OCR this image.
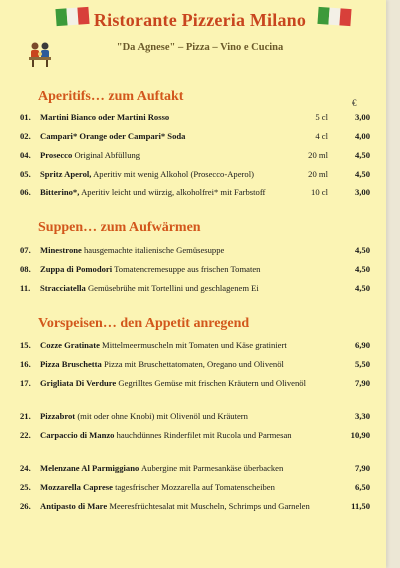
Ristorante Pizzeria Milano
"Da Agnese" – Pizza – Vino e Cucina
€
Aperitifs… zum Auftakt
01. Martini Bianco oder Martini Rosso	5 cl	3,00
02. Campari* Orange oder Campari* Soda	4 cl	4,00
04. Prosecco Original Abfüllung	20 ml	4,50
05. Spritz Aperol, Aperitiv mit wenig Alkohol (Prosecco-Aperol)	20 ml	4,50
06. Bitterino*, Aperitiv leicht und würzig, alkoholfrei* mit Farbstoff	10 cl	3,00
Suppen… zum Aufwärmen
07. Minestrone hausgemachte italienische Gemüsesuppe	4,50
08. Zuppa di Pomodori Tomatencremesuppe aus frischen Tomaten	4,50
11. Stracciatella Gemüsebrühe mit Tortellini und geschlagenem Ei	4,50
Vorspeisen… den Appetit anregend
15. Cozze Gratinate Mittelmeermuscheln mit Tomaten und Käse gratiniert	6,90
16. Pizza Bruschetta Pizza mit Bruschettatomaten, Oregano und Olivenöl	5,50
17. Grigliata Di Verdure Gegrilltes Gemüse mit frischen Kräutern und Olivenöl	7,90
21. Pizzabrot (mit oder ohne Knobi) mit Olivenöl und Kräutern	3,30
22. Carpaccio di Manzo hauchdünnes Rinderfilet mit Rucola und Parmesan	10,90
24. Melenzane Al Parmiggiano Aubergine mit Parmesankäse überbacken	7,90
25. Mozzarella Caprese tagesfrischer Mozzarella auf Tomatenscheiben	6,50
26. Antipasto di Mare Meeresfrüchtesalat mit Muscheln, Schrimps und Garnelen	11,50
